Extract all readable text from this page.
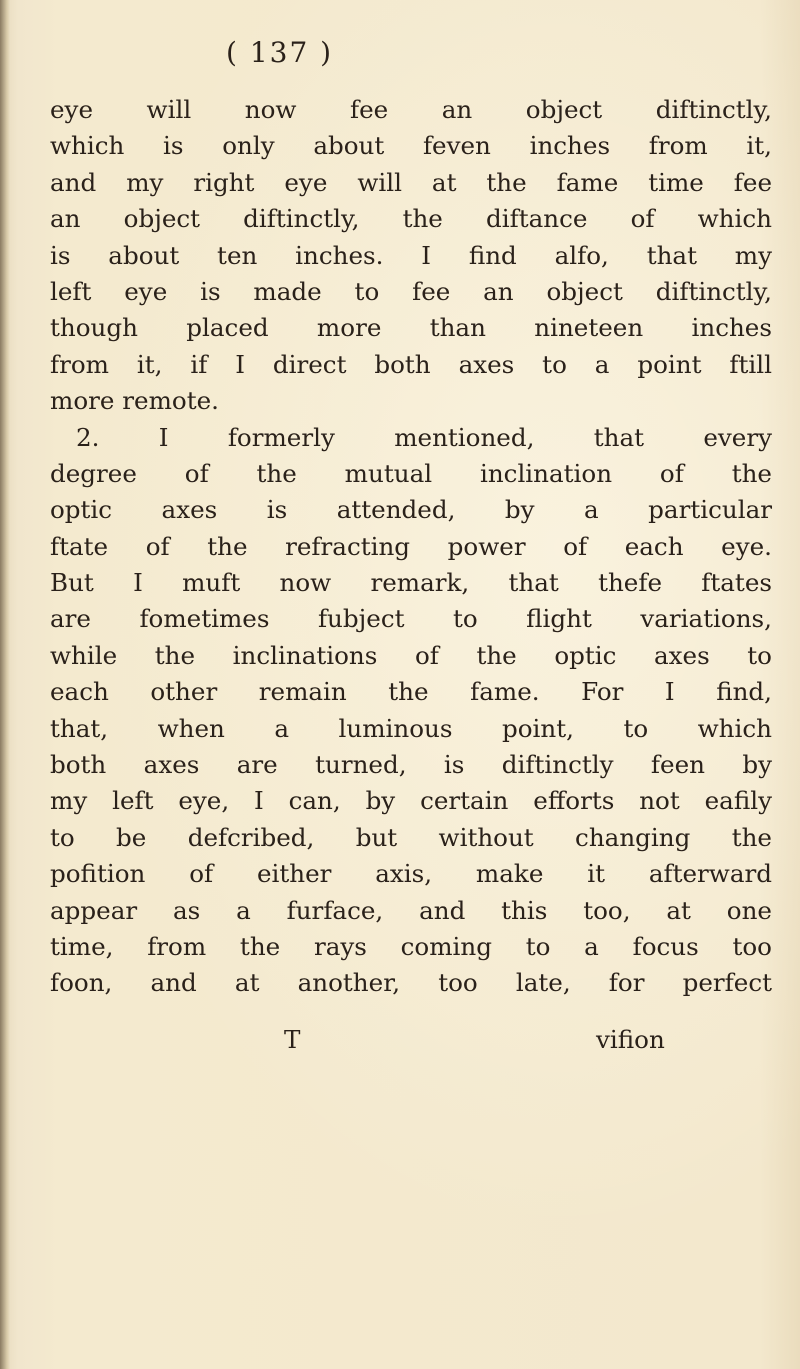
( 137 )
eye will now fee an object diftinctly,
which is only about feven inches from it,
and my right eye will at the fame time fee
an object diftinctly, the diftance of which
is about ten inches. I find alfo, that my
left eye is made to fee an object diftinctly,
though placed more than nineteen inches
from it, if I direct both axes to a point ftill
more remote.
2. I formerly mentioned, that every
degree of the mutual inclination of the
optic axes is attended, by a particular
ftate of the refracting power of each eye.
But I muft now remark, that thefe ftates
are fometimes fubject to flight variations,
while the inclinations of the optic axes to
each other remain the fame. For I find,
that, when a luminous point, to which
both axes are turned, is diftinctly feen by
my left eye, I can, by certain efforts not eafily
to be defcribed, but without changing the
pofition of either axis, make it afterward
appear as a furface, and this too, at one
time, from the rays coming to a focus too
foon, and at another, too late, for perfect
T	vifion
